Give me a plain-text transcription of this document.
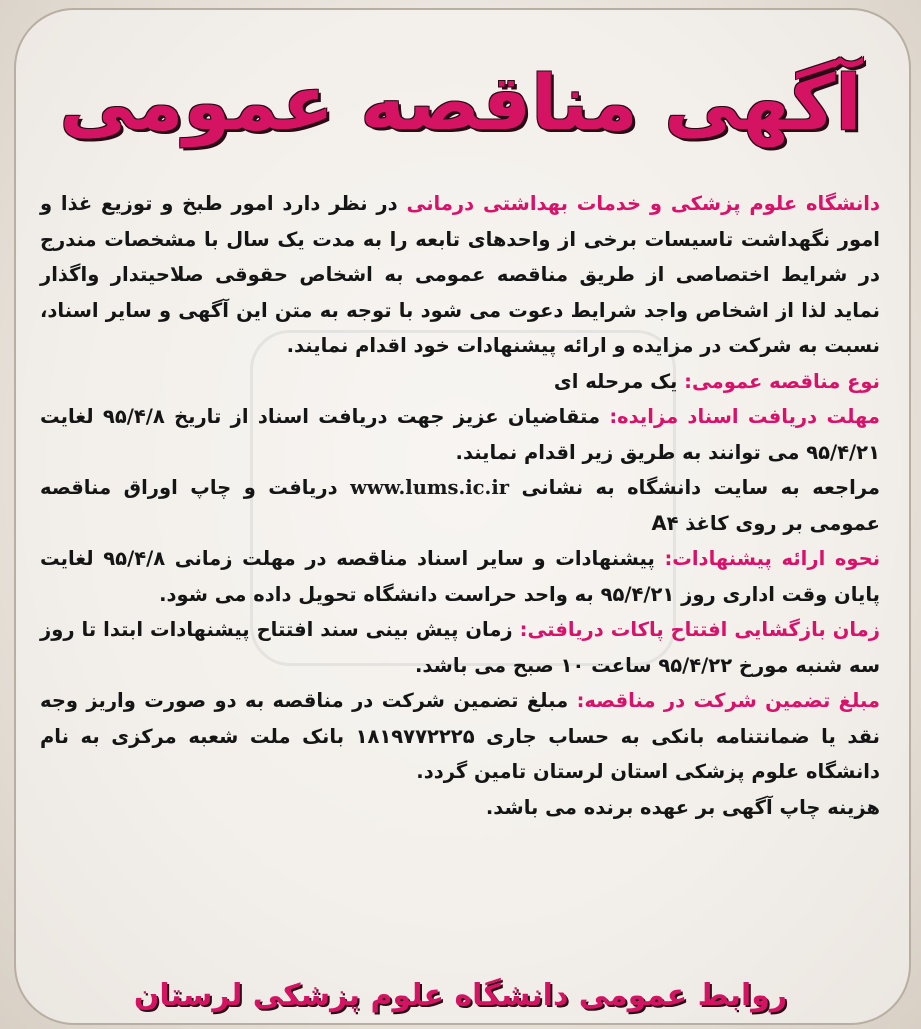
آگهی مناقصه عمومی

دانشگاه علوم پزشکی و خدمات بهداشتی درمانی در نظر دارد امور طبخ و توزیع غذا و امور نگهداشت تاسیسات برخی از واحدهای تابعه را به مدت یک سال با مشخصات مندرج در شرایط اختصاصی از طریق مناقصه عمومی به اشخاص حقوقی صلاحیتدار واگذار نماید لذا از اشخاص واجد شرایط دعوت می شود با توجه به متن این آگهی و سایر اسناد، نسبت به شرکت در مزایده و ارائه پیشنهادات خود اقدام نمایند.

نوع مناقصه عمومی: یک مرحله ای

مهلت دریافت اسناد مزایده: متقاضیان عزیز جهت دریافت اسناد از تاریخ ۹۵/۴/۸ لغایت ۹۵/۴/۲۱ می توانند به طریق زیر اقدام نمایند.

مراجعه به سایت دانشگاه به نشانی www.lums.ic.ir دریافت و چاپ اوراق مناقصه عمومی بر روی کاغذ A۴

نحوه ارائه پیشنهادات: پیشنهادات و سایر اسناد مناقصه در مهلت زمانی ۹۵/۴/۸ لغایت پایان وقت اداری روز ۹۵/۴/۲۱ به واحد حراست دانشگاه تحویل داده می شود.

زمان بازگشایی افتتاح پاکات دریافتی: زمان پیش بینی سند افتتاح پیشنهادات ابتدا تا روز سه شنبه مورخ ۹۵/۴/۲۲ ساعت ۱۰ صبح می باشد.

مبلغ تضمین شرکت در مناقصه: مبلغ تضمین شرکت در مناقصه به دو صورت واریز وجه نقد یا ضمانتنامه بانکی به حساب جاری ۱۸۱۹۷۷۲۲۲۵ بانک ملت شعبه مرکزی به نام دانشگاه علوم پزشکی استان لرستان تامین گردد.

هزینه چاپ آگهی بر عهده برنده می باشد.

روابط عمومی دانشگاه علوم پزشکی لرستان
